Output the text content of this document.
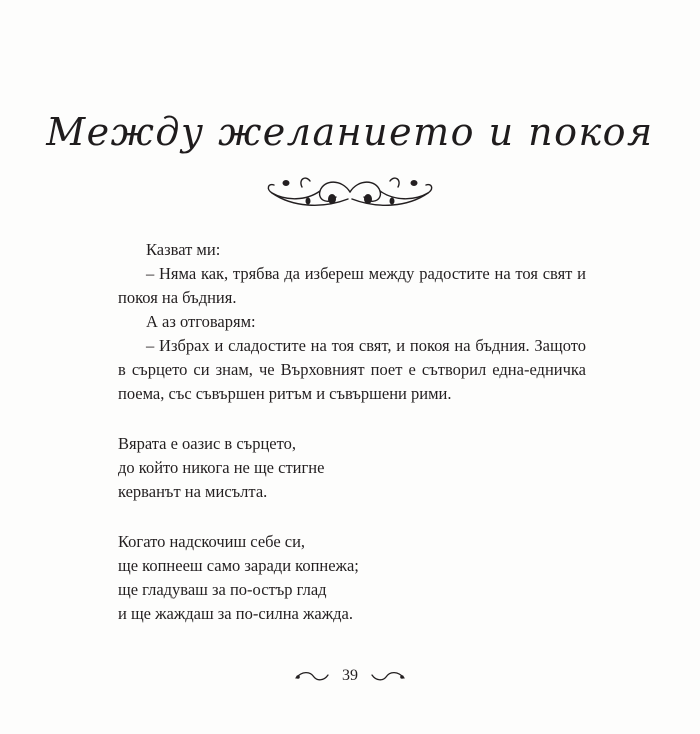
Между желанието и покоя

Казват ми:

– Няма как, трябва да избереш между радостите на тоя свят и покоя на бъдния.

А аз отговарям:

– Избрах и сладостите на тоя свят, и покоя на бъдния. Защото в сърцето си знам, че Върховният поет е сътворил една-едничка поема, със съвършен ритъм и съвършени рими.

Вярата е оазис в сърцето,

до който никога не ще стигне

керванът на мисълта.

Когато надскочиш себе си,

ще копнееш само заради копнежа;

ще гладуваш за по-остър глад

и ще жаждаш за по-силна жажда.

39
